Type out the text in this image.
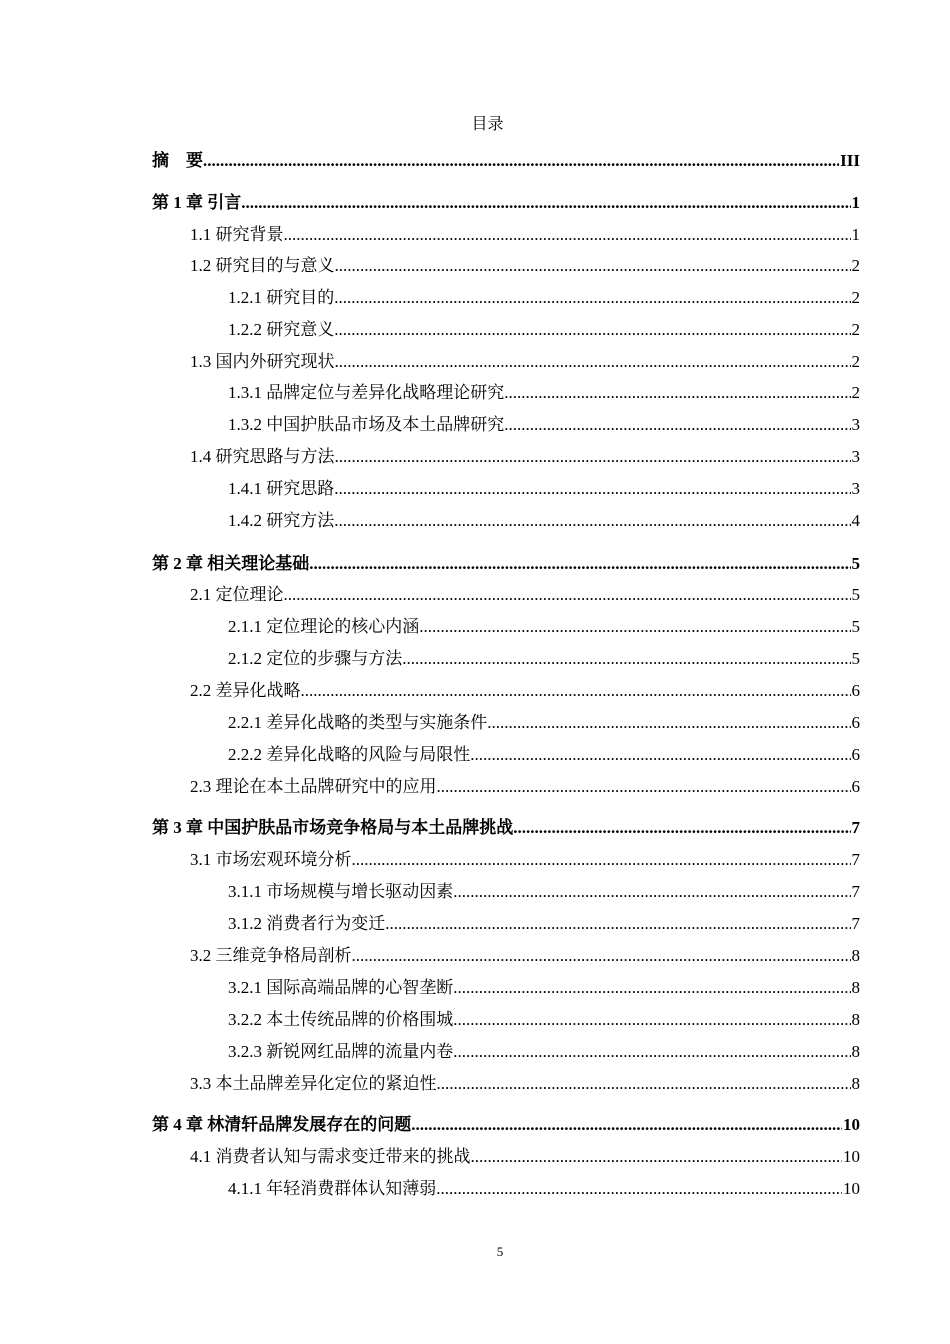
目录
摘　要 .....	III
第 1 章 引言 .....	1
1.1 研究背景 .....	1
1.2 研究目的与意义 .....	2
1.2.1 研究目的 .....	2
1.2.2 研究意义 .....	2
1.3 国内外研究现状 .....	2
1.3.1 品牌定位与差异化战略理论研究 .....	2
1.3.2 中国护肤品市场及本土品牌研究 .....	3
1.4 研究思路与方法 .....	3
1.4.1 研究思路 .....	3
1.4.2 研究方法 .....	4
第 2 章 相关理论基础 .....	5
2.1 定位理论 .....	5
2.1.1 定位理论的核心内涵 .....	5
2.1.2 定位的步骤与方法 .....	5
2.2 差异化战略 .....	6
2.2.1 差异化战略的类型与实施条件 .....	6
2.2.2 差异化战略的风险与局限性 .....	6
2.3 理论在本土品牌研究中的应用 .....	6
第 3 章 中国护肤品市场竞争格局与本土品牌挑战 .....	7
3.1 市场宏观环境分析 .....	7
3.1.1 市场规模与增长驱动因素 .....	7
3.1.2 消费者行为变迁 .....	7
3.2 三维竞争格局剖析 .....	8
3.2.1 国际高端品牌的心智垄断 .....	8
3.2.2 本土传统品牌的价格围城 .....	8
3.2.3 新锐网红品牌的流量内卷 .....	8
3.3 本土品牌差异化定位的紧迫性 .....	8
第 4 章 林清轩品牌发展存在的问题 .....	10
4.1 消费者认知与需求变迁带来的挑战 .....	10
4.1.1 年轻消费群体认知薄弱 .....	10
5
